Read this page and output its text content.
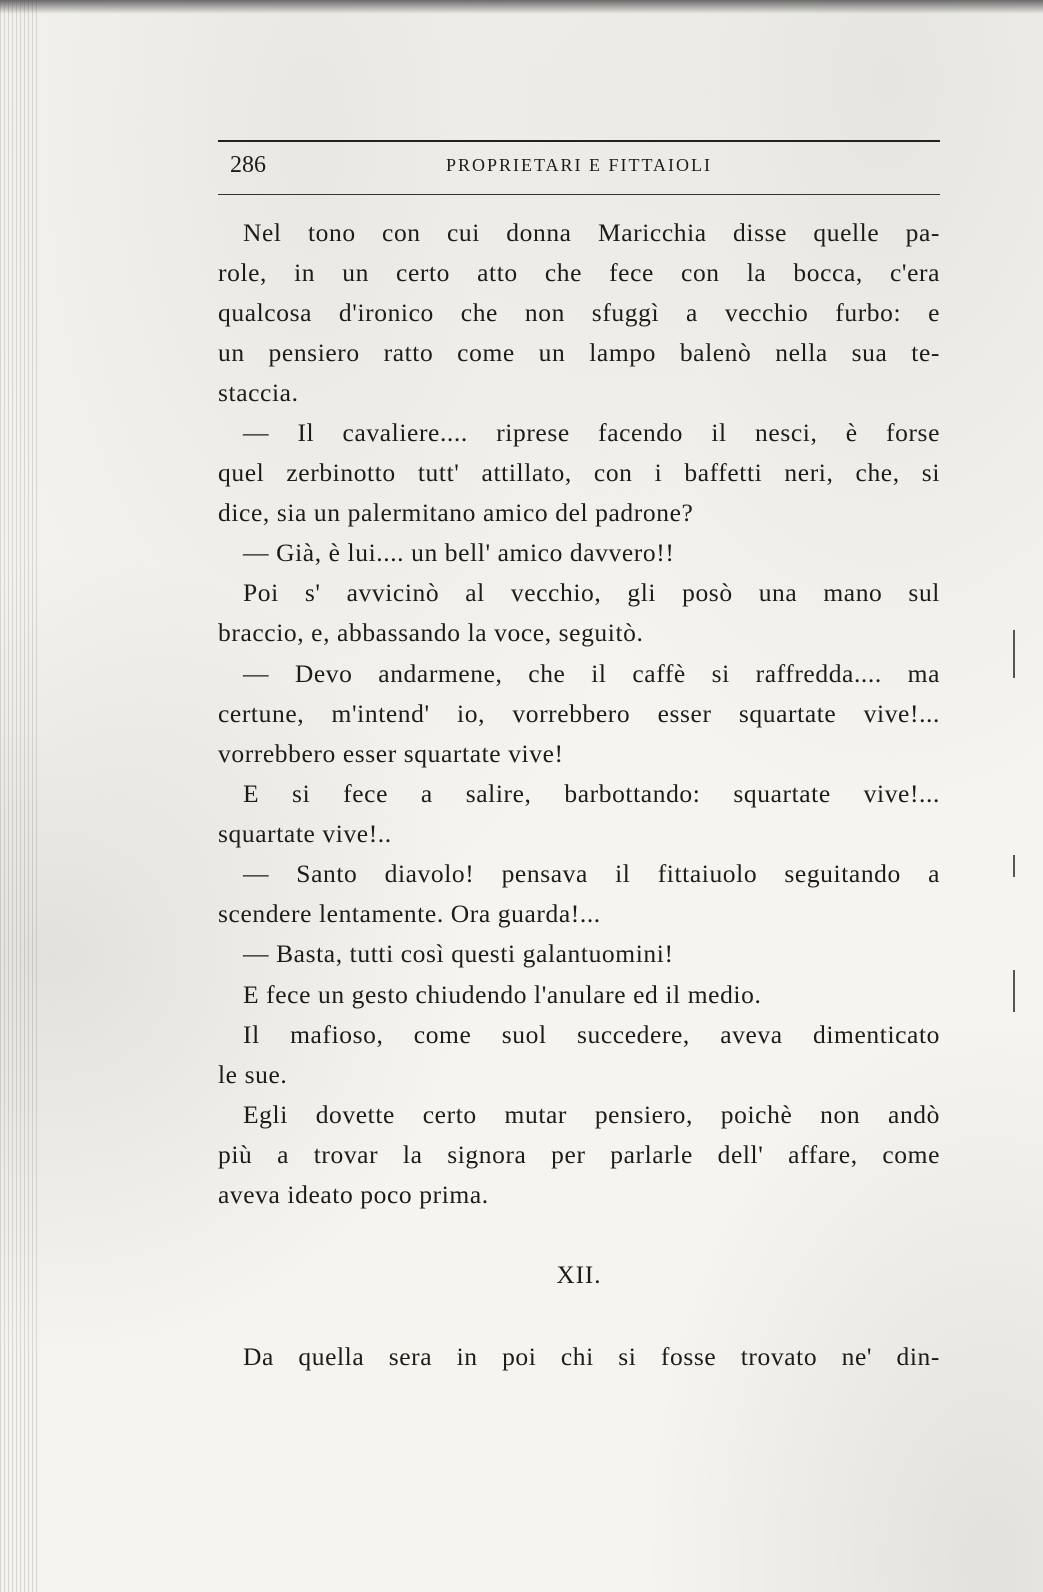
286	PROPRIETARI E FITTAIOLI
Nel tono con cui donna Maricchia disse quelle pa-
role, in un certo atto che fece con la bocca, c'era
qualcosa d'ironico che non sfuggì a vecchio furbo: e
un pensiero ratto come un lampo balenò nella sua te-
staccia.
— Il cavaliere.... riprese facendo il nesci, è forse
quel zerbinotto tutt' attillato, con i baffetti neri, che, si
dice, sia un palermitano amico del padrone?
— Già, è lui.... un bell' amico davvero!!
Poi s' avvicinò al vecchio, gli posò una mano sul
braccio, e, abbassando la voce, seguitò.
— Devo andarmene, che il caffè si raffredda.... ma
certune, m'intend' io, vorrebbero esser squartate vive!...
vorrebbero esser squartate vive!
E si fece a salire, barbottando: squartate vive!...
squartate vive!..
— Santo diavolo! pensava il fittaiuolo seguitando a
scendere lentamente. Ora guarda!...
— Basta, tutti così questi galantuomini!
E fece un gesto chiudendo l'anulare ed il medio.
Il mafioso, come suol succedere, aveva dimenticato
le sue.
Egli dovette certo mutar pensiero, poichè non andò
più a trovar la signora per parlarle dell' affare, come
aveva ideato poco prima.
XII.
Da quella sera in poi chi si fosse trovato ne' din-
